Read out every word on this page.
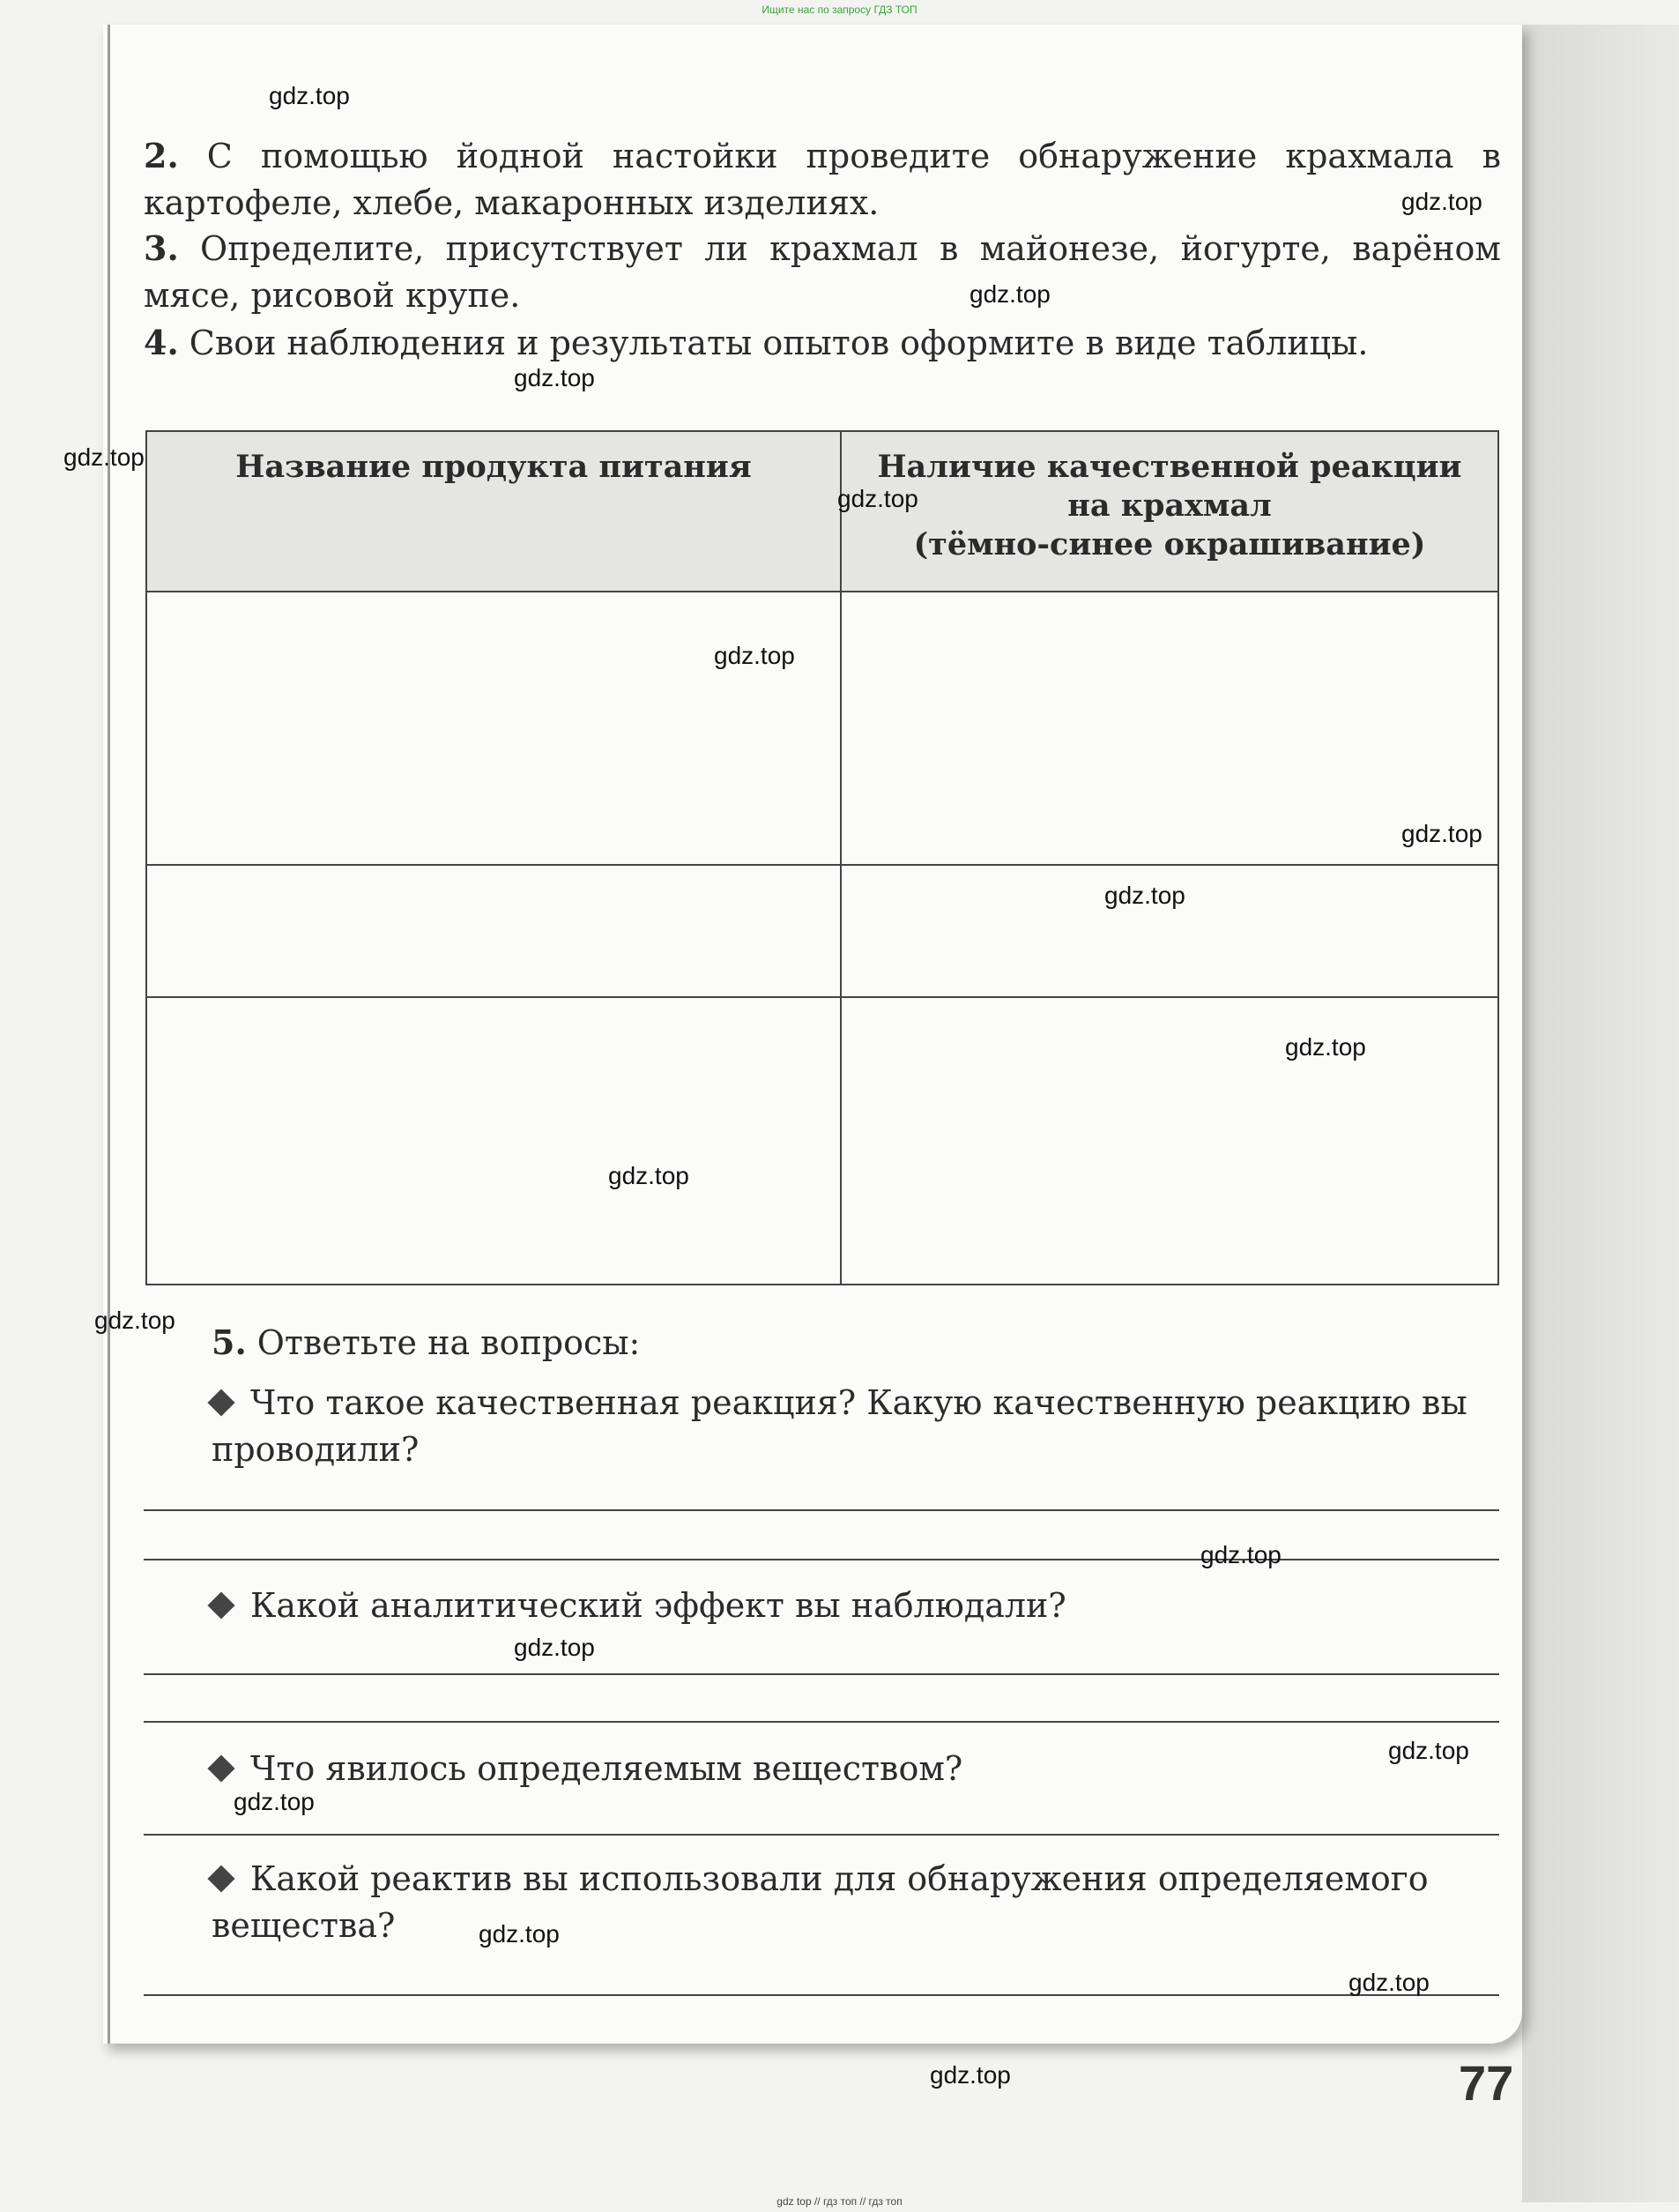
Ищите нас по запросу ГДЗ ТОП
2. С помощью йодной настойки проведите обнаружение крахмала в картофеле, хлебе, макаронных изделиях.
3. Определите, присутствует ли крахмал в майонезе, йогурте, варёном мясе, рисовой крупе.
4. Свои наблюдения и результаты опытов оформите в виде таблицы.
Название продукта питания	Наличие качественной реакции
на крахмал
(тёмно-синее окрашивание)

5. Ответьте на вопросы:
Что такое качественная реакция? Какую качественную реакцию вы проводили?
Какой аналитический эффект вы наблюдали?
Что явилось определяемым веществом?
Какой реактив вы использовали для обнаружения определяемого вещества?
77
gdz.top
gdz.top
gdz.top
gdz.top
gdz.top
gdz.top
gdz.top
gdz.top
gdz.top
gdz.top
gdz.top
gdz.top
gdz.top
gdz.top
gdz.top
gdz.top
gdz.top
gdz.top
gdz.top
gdz top // гдз топ // гдз топ
